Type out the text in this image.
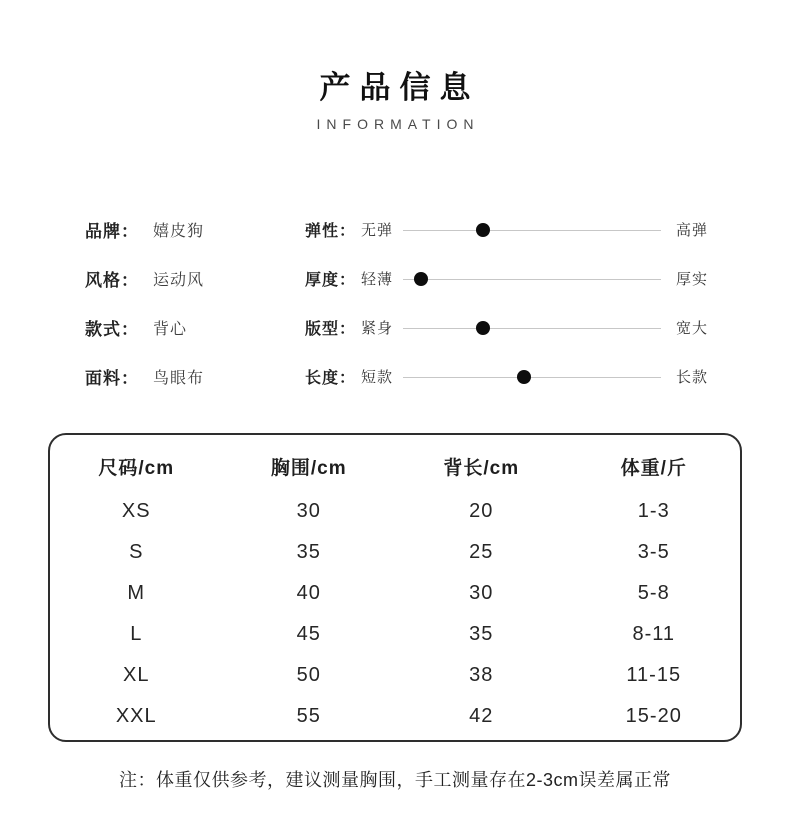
产品信息
INFORMATION
品牌： 嬉皮狗
风格： 运动风
款式： 背心
面料： 鸟眼布
弹性： 无弹	高弹
厚度： 轻薄	厚实
版型： 紧身	宽大
长度： 短款	长款
尺码/cm	胸围/cm	背长/cm	体重/斤
XS	30	20	1-3
S	35	25	3-5
M	40	30	5-8
L	45	35	8-11
XL	50	38	11-15
XXL	55	42	15-20
注：体重仅供参考，建议测量胸围，手工测量存在2-3cm误差属正常
